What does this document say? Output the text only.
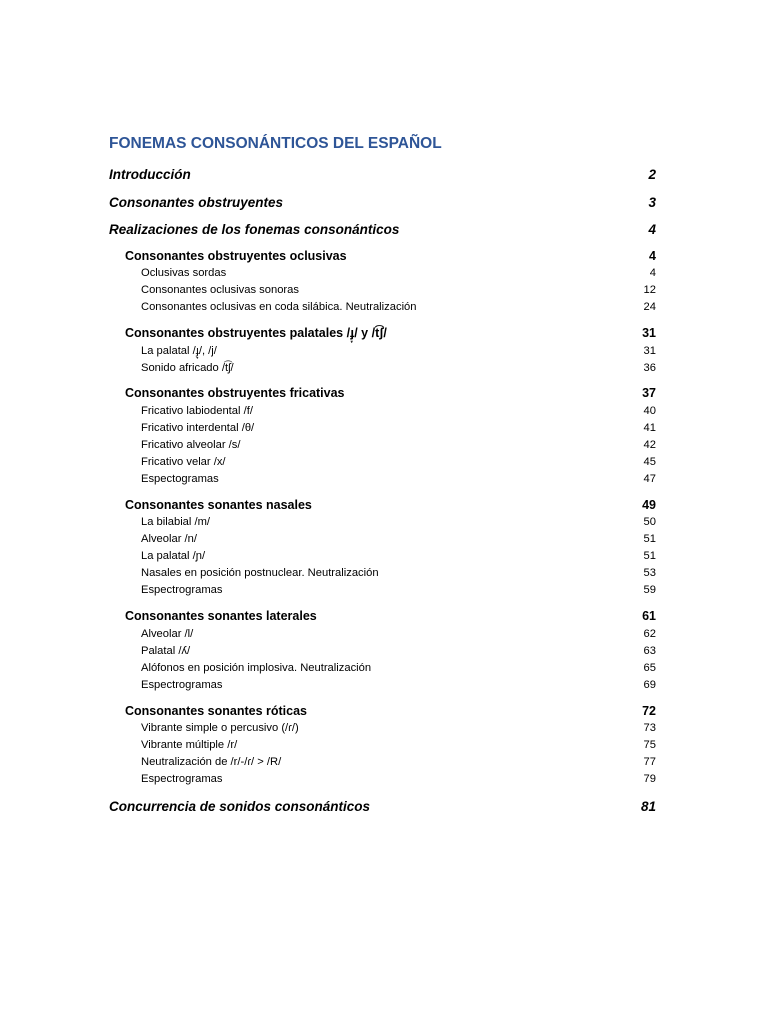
FONEMAS CONSONÁNTICOS DEL ESPAÑOL
Introducción	2
Consonantes obstruyentes	3
Realizaciones de los fonemas consonánticos	4
Consonantes obstruyentes oclusivas	4
Oclusivas sordas	4
Consonantes oclusivas sonoras	12
Consonantes oclusivas en coda silábica. Neutralización	24
Consonantes obstruyentes palatales /ɟ̞/ y /t͡ʃ/	31
La palatal /ɟ̞/, /j/	31
Sonido africado /t͡ʃ/	36
Consonantes obstruyentes fricativas	37
Fricativo labiodental /f/	40
Fricativo interdental /θ/	41
Fricativo alveolar /s/	42
Fricativo velar /x/	45
Espectogramas	47
Consonantes sonantes nasales	49
La bilabial /m/	50
Alveolar /n/	51
La palatal /ɲ/	51
Nasales en posición postnuclear. Neutralización	53
Espectrogramas	59
Consonantes sonantes laterales	61
Alveolar /l/	62
Palatal /ʎ/	63
Alófonos en posición implosiva. Neutralización	65
Espectrogramas	69
Consonantes sonantes róticas	72
Vibrante simple o percusivo (/ɾ/)	73
Vibrante múltiple /r/	75
Neutralización de /r/-/ɾ/ > /R/	77
Espectrogramas	79
Concurrencia de sonidos consonánticos	81
